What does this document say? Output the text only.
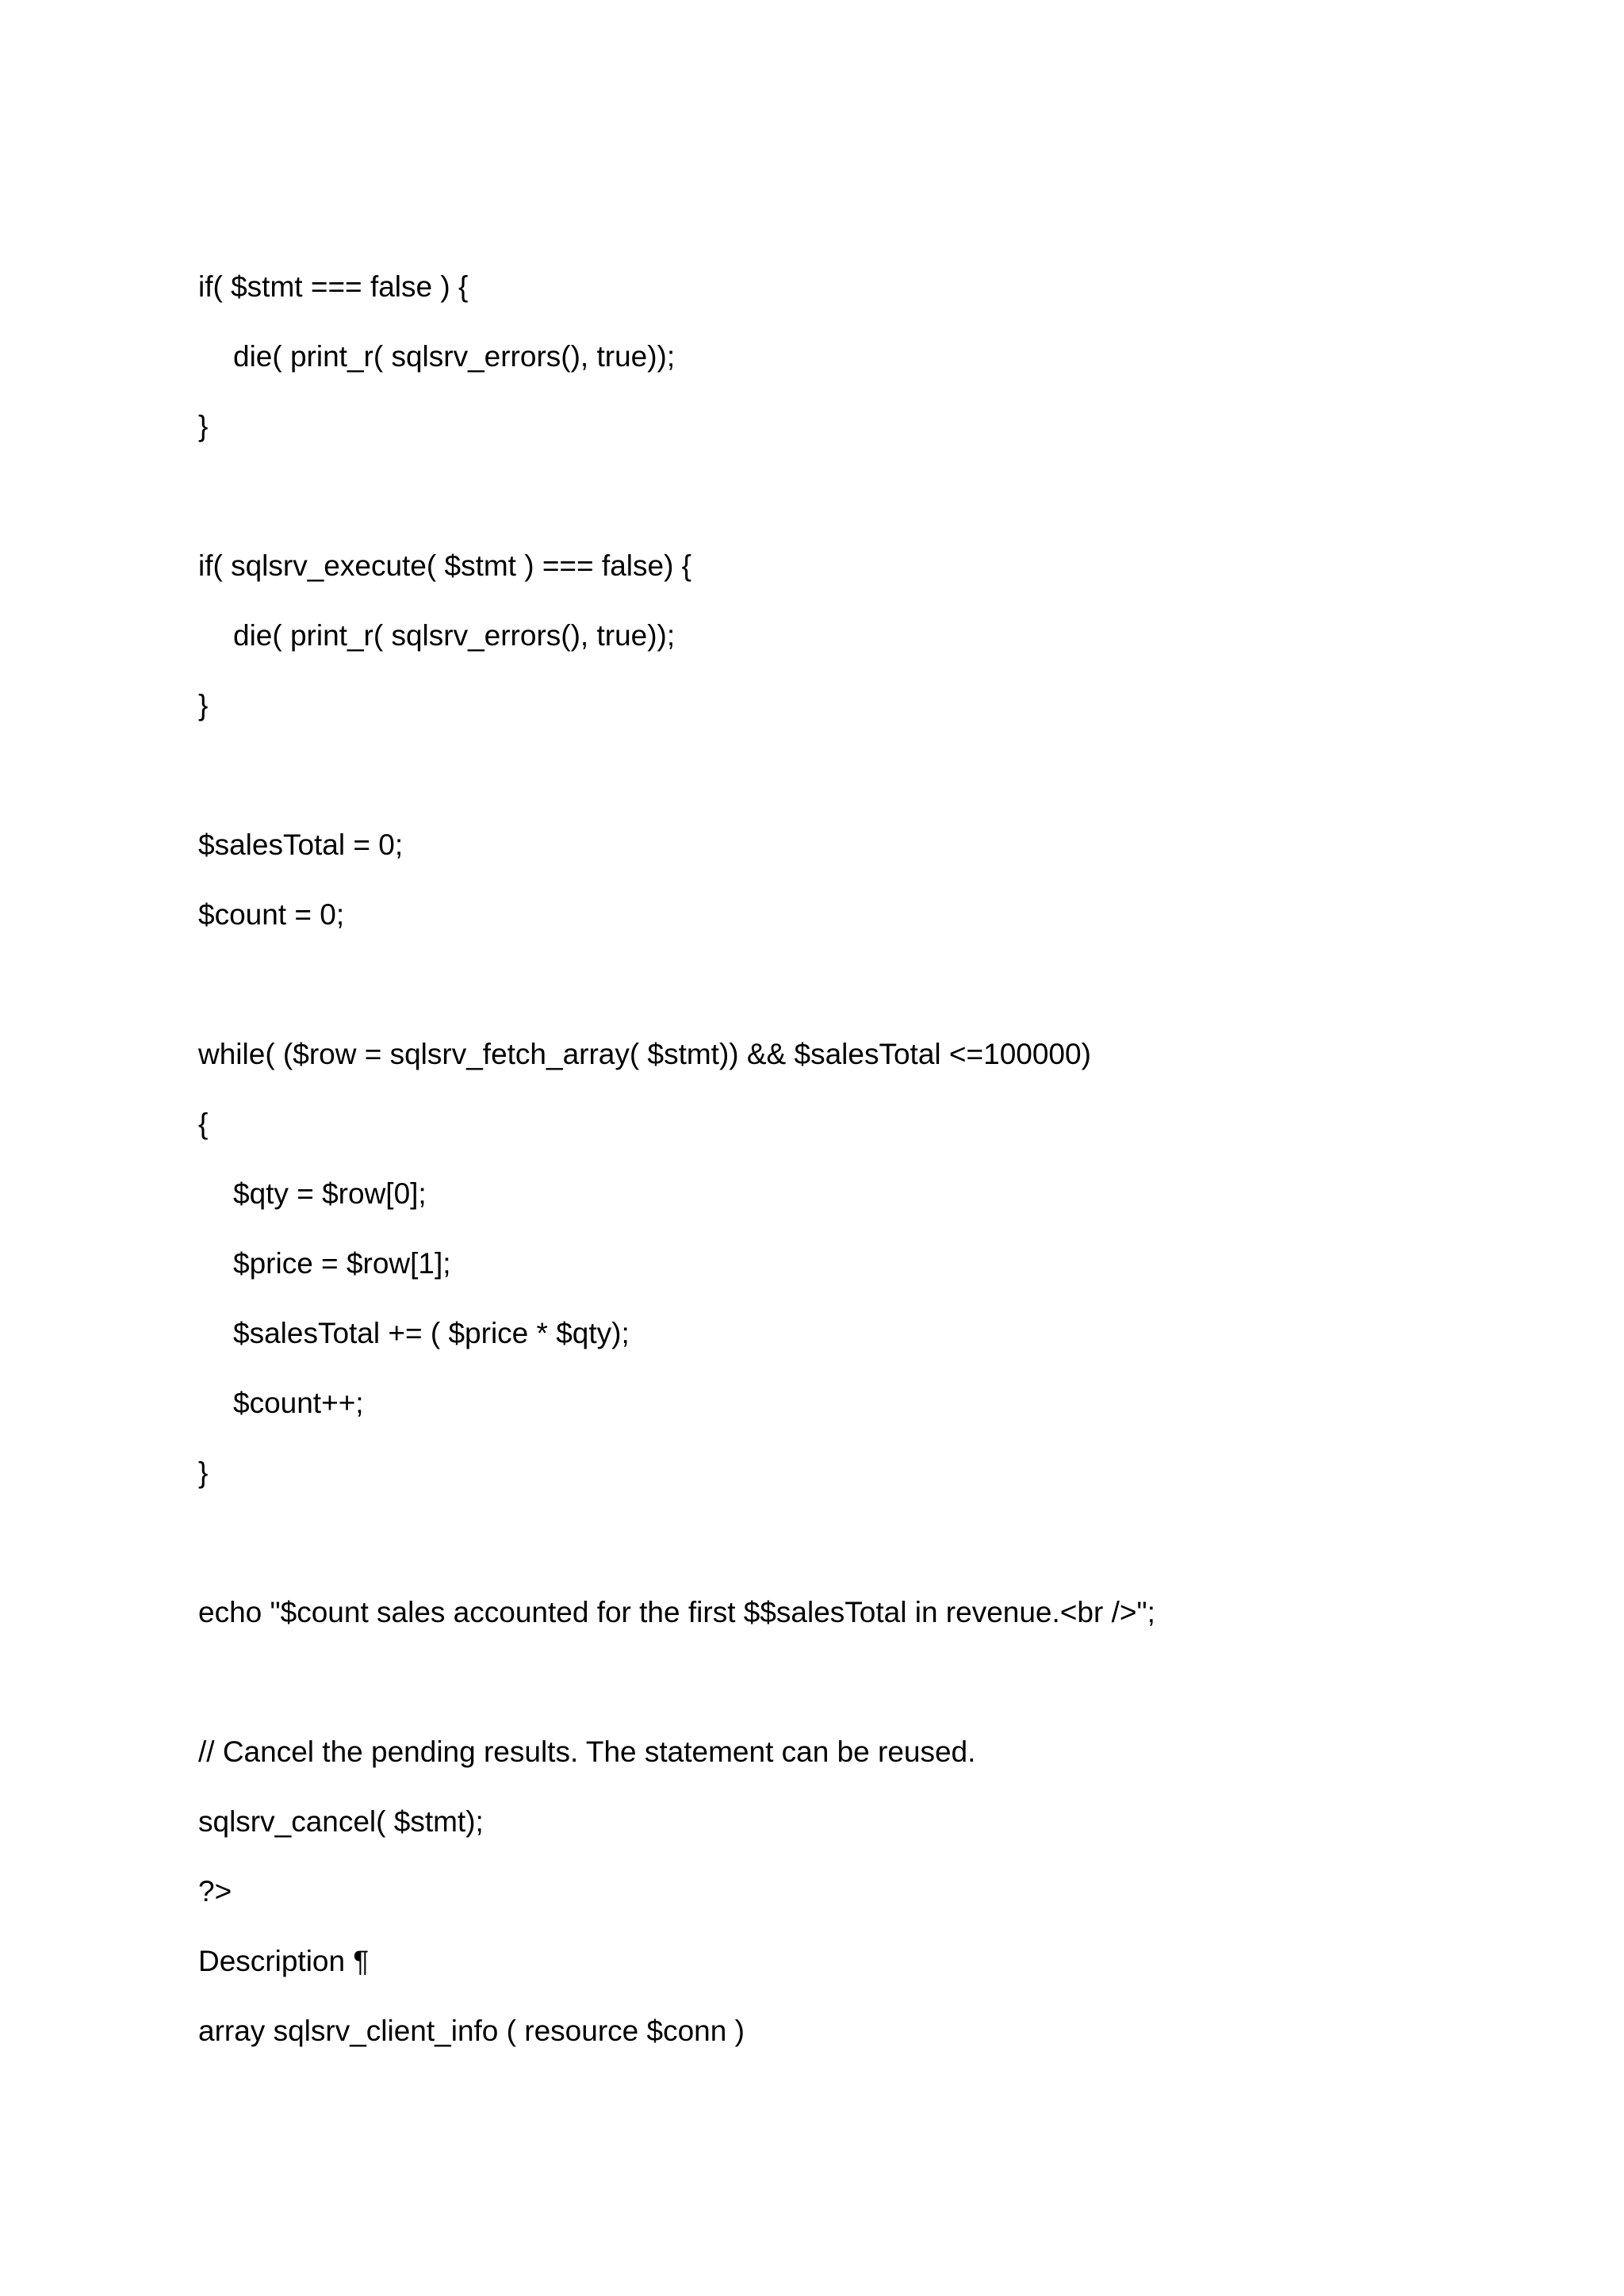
if( $stmt === false ) {

die( print_r( sqlsrv_errors(), true));

}

if( sqlsrv_execute( $stmt ) === false) {

die( print_r( sqlsrv_errors(), true));

}

$salesTotal = 0;

$count = 0;

while( ($row = sqlsrv_fetch_array( $stmt)) && $salesTotal <=100000)

{

$qty = $row[0];

$price = $row[1];

$salesTotal += ( $price * $qty);

$count++;

}

echo "$count sales accounted for the first $$salesTotal in revenue.<br />";

// Cancel the pending results. The statement can be reused.

sqlsrv_cancel( $stmt);

?>

Description ¶

array sqlsrv_client_info ( resource $conn )
